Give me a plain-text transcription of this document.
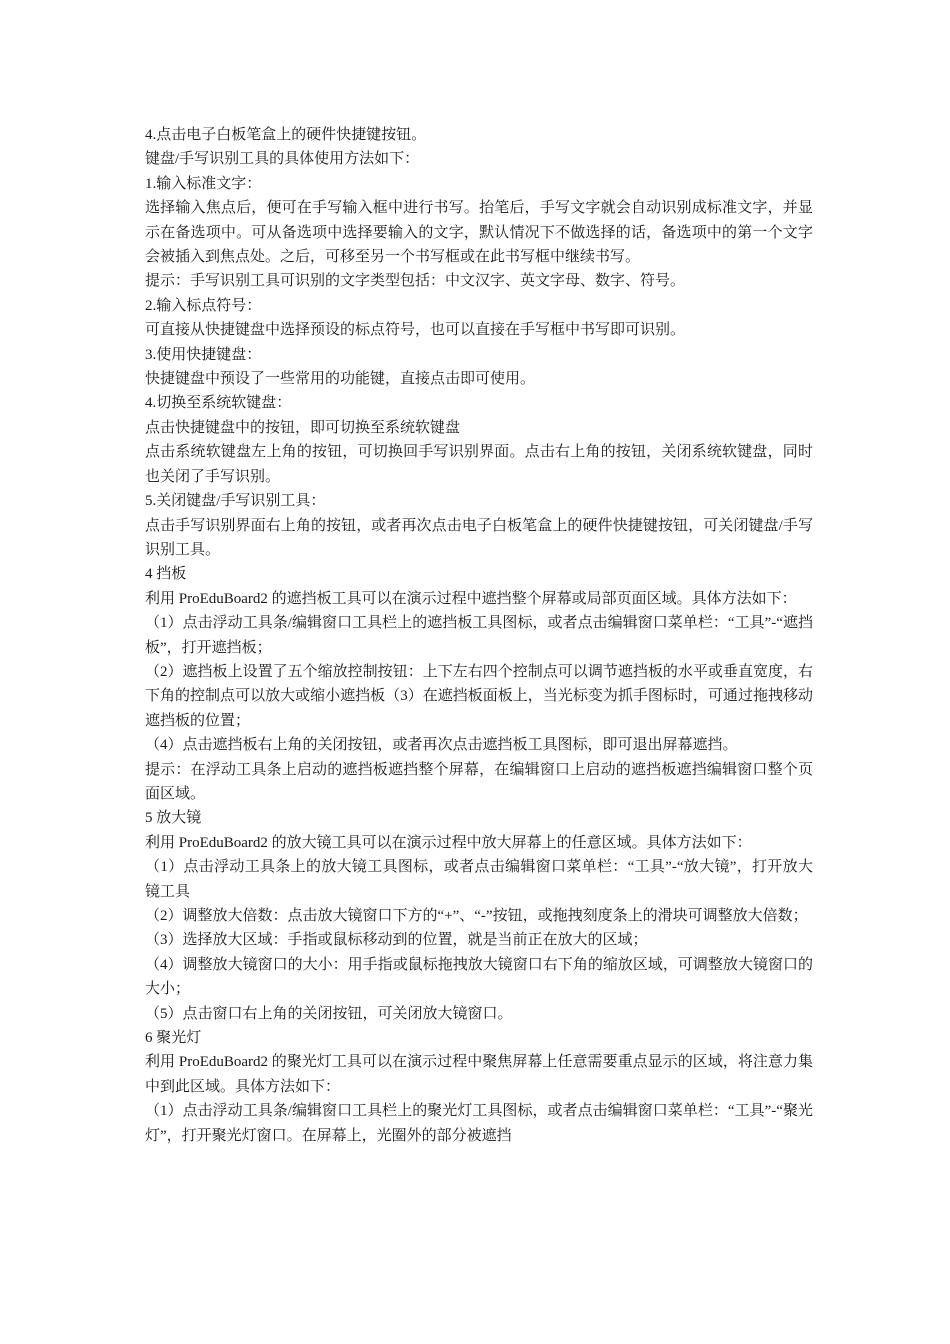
4.点击电子白板笔盒上的硬件快捷键按钮。

键盘/手写识别工具的具体使用方法如下：

1.输入标准文字：

选择输入焦点后，便可在手写输入框中进行书写。抬笔后，手写文字就会自动识别成标准文字，并显示在备选项中。可从备选项中选择要输入的文字，默认情况下不做选择的话，备选项中的第一个文字会被插入到焦点处。之后，可移至另一个书写框或在此书写框中继续书写。

提示：手写识别工具可识别的文字类型包括：中文汉字、英文字母、数字、符号。

2.输入标点符号：

可直接从快捷键盘中选择预设的标点符号，也可以直接在手写框中书写即可识别。

3.使用快捷键盘：

快捷键盘中预设了一些常用的功能键，直接点击即可使用。

4.切换至系统软键盘：

点击快捷键盘中的按钮，即可切换至系统软键盘

点击系统软键盘左上角的按钮，可切换回手写识别界面。点击右上角的按钮，关闭系统软键盘，同时也关闭了手写识别。

5.关闭键盘/手写识别工具：

点击手写识别界面右上角的按钮，或者再次点击电子白板笔盒上的硬件快捷键按钮，可关闭键盘/手写识别工具。

4 挡板

利用 ProEduBoard2 的遮挡板工具可以在演示过程中遮挡整个屏幕或局部页面区域。具体方法如下：

（1）点击浮动工具条/编辑窗口工具栏上的遮挡板工具图标，或者点击编辑窗口菜单栏：“工具”-“遮挡板”，打开遮挡板；

（2）遮挡板上设置了五个缩放控制按钮：上下左右四个控制点可以调节遮挡板的水平或垂直宽度，右下角的控制点可以放大或缩小遮挡板（3）在遮挡板面板上，当光标变为抓手图标时，可通过拖拽移动遮挡板的位置；

（4）点击遮挡板右上角的关闭按钮，或者再次点击遮挡板工具图标，即可退出屏幕遮挡。

提示：在浮动工具条上启动的遮挡板遮挡整个屏幕，在编辑窗口上启动的遮挡板遮挡编辑窗口整个页面区域。

5 放大镜

利用 ProEduBoard2 的放大镜工具可以在演示过程中放大屏幕上的任意区域。具体方法如下：

（1）点击浮动工具条上的放大镜工具图标，或者点击编辑窗口菜单栏：“工具”-“放大镜”，打开放大镜工具

（2）调整放大倍数：点击放大镜窗口下方的“+”、“-”按钮，或拖拽刻度条上的滑块可调整放大倍数；

（3）选择放大区域：手指或鼠标移动到的位置，就是当前正在放大的区域；

（4）调整放大镜窗口的大小：用手指或鼠标拖拽放大镜窗口右下角的缩放区域，可调整放大镜窗口的大小；

（5）点击窗口右上角的关闭按钮，可关闭放大镜窗口。

6 聚光灯

利用 ProEduBoard2 的聚光灯工具可以在演示过程中聚焦屏幕上任意需要重点显示的区域，将注意力集中到此区域。具体方法如下：

（1）点击浮动工具条/编辑窗口工具栏上的聚光灯工具图标，或者点击编辑窗口菜单栏：“工具”-“聚光灯”，打开聚光灯窗口。在屏幕上，光圈外的部分被遮挡
